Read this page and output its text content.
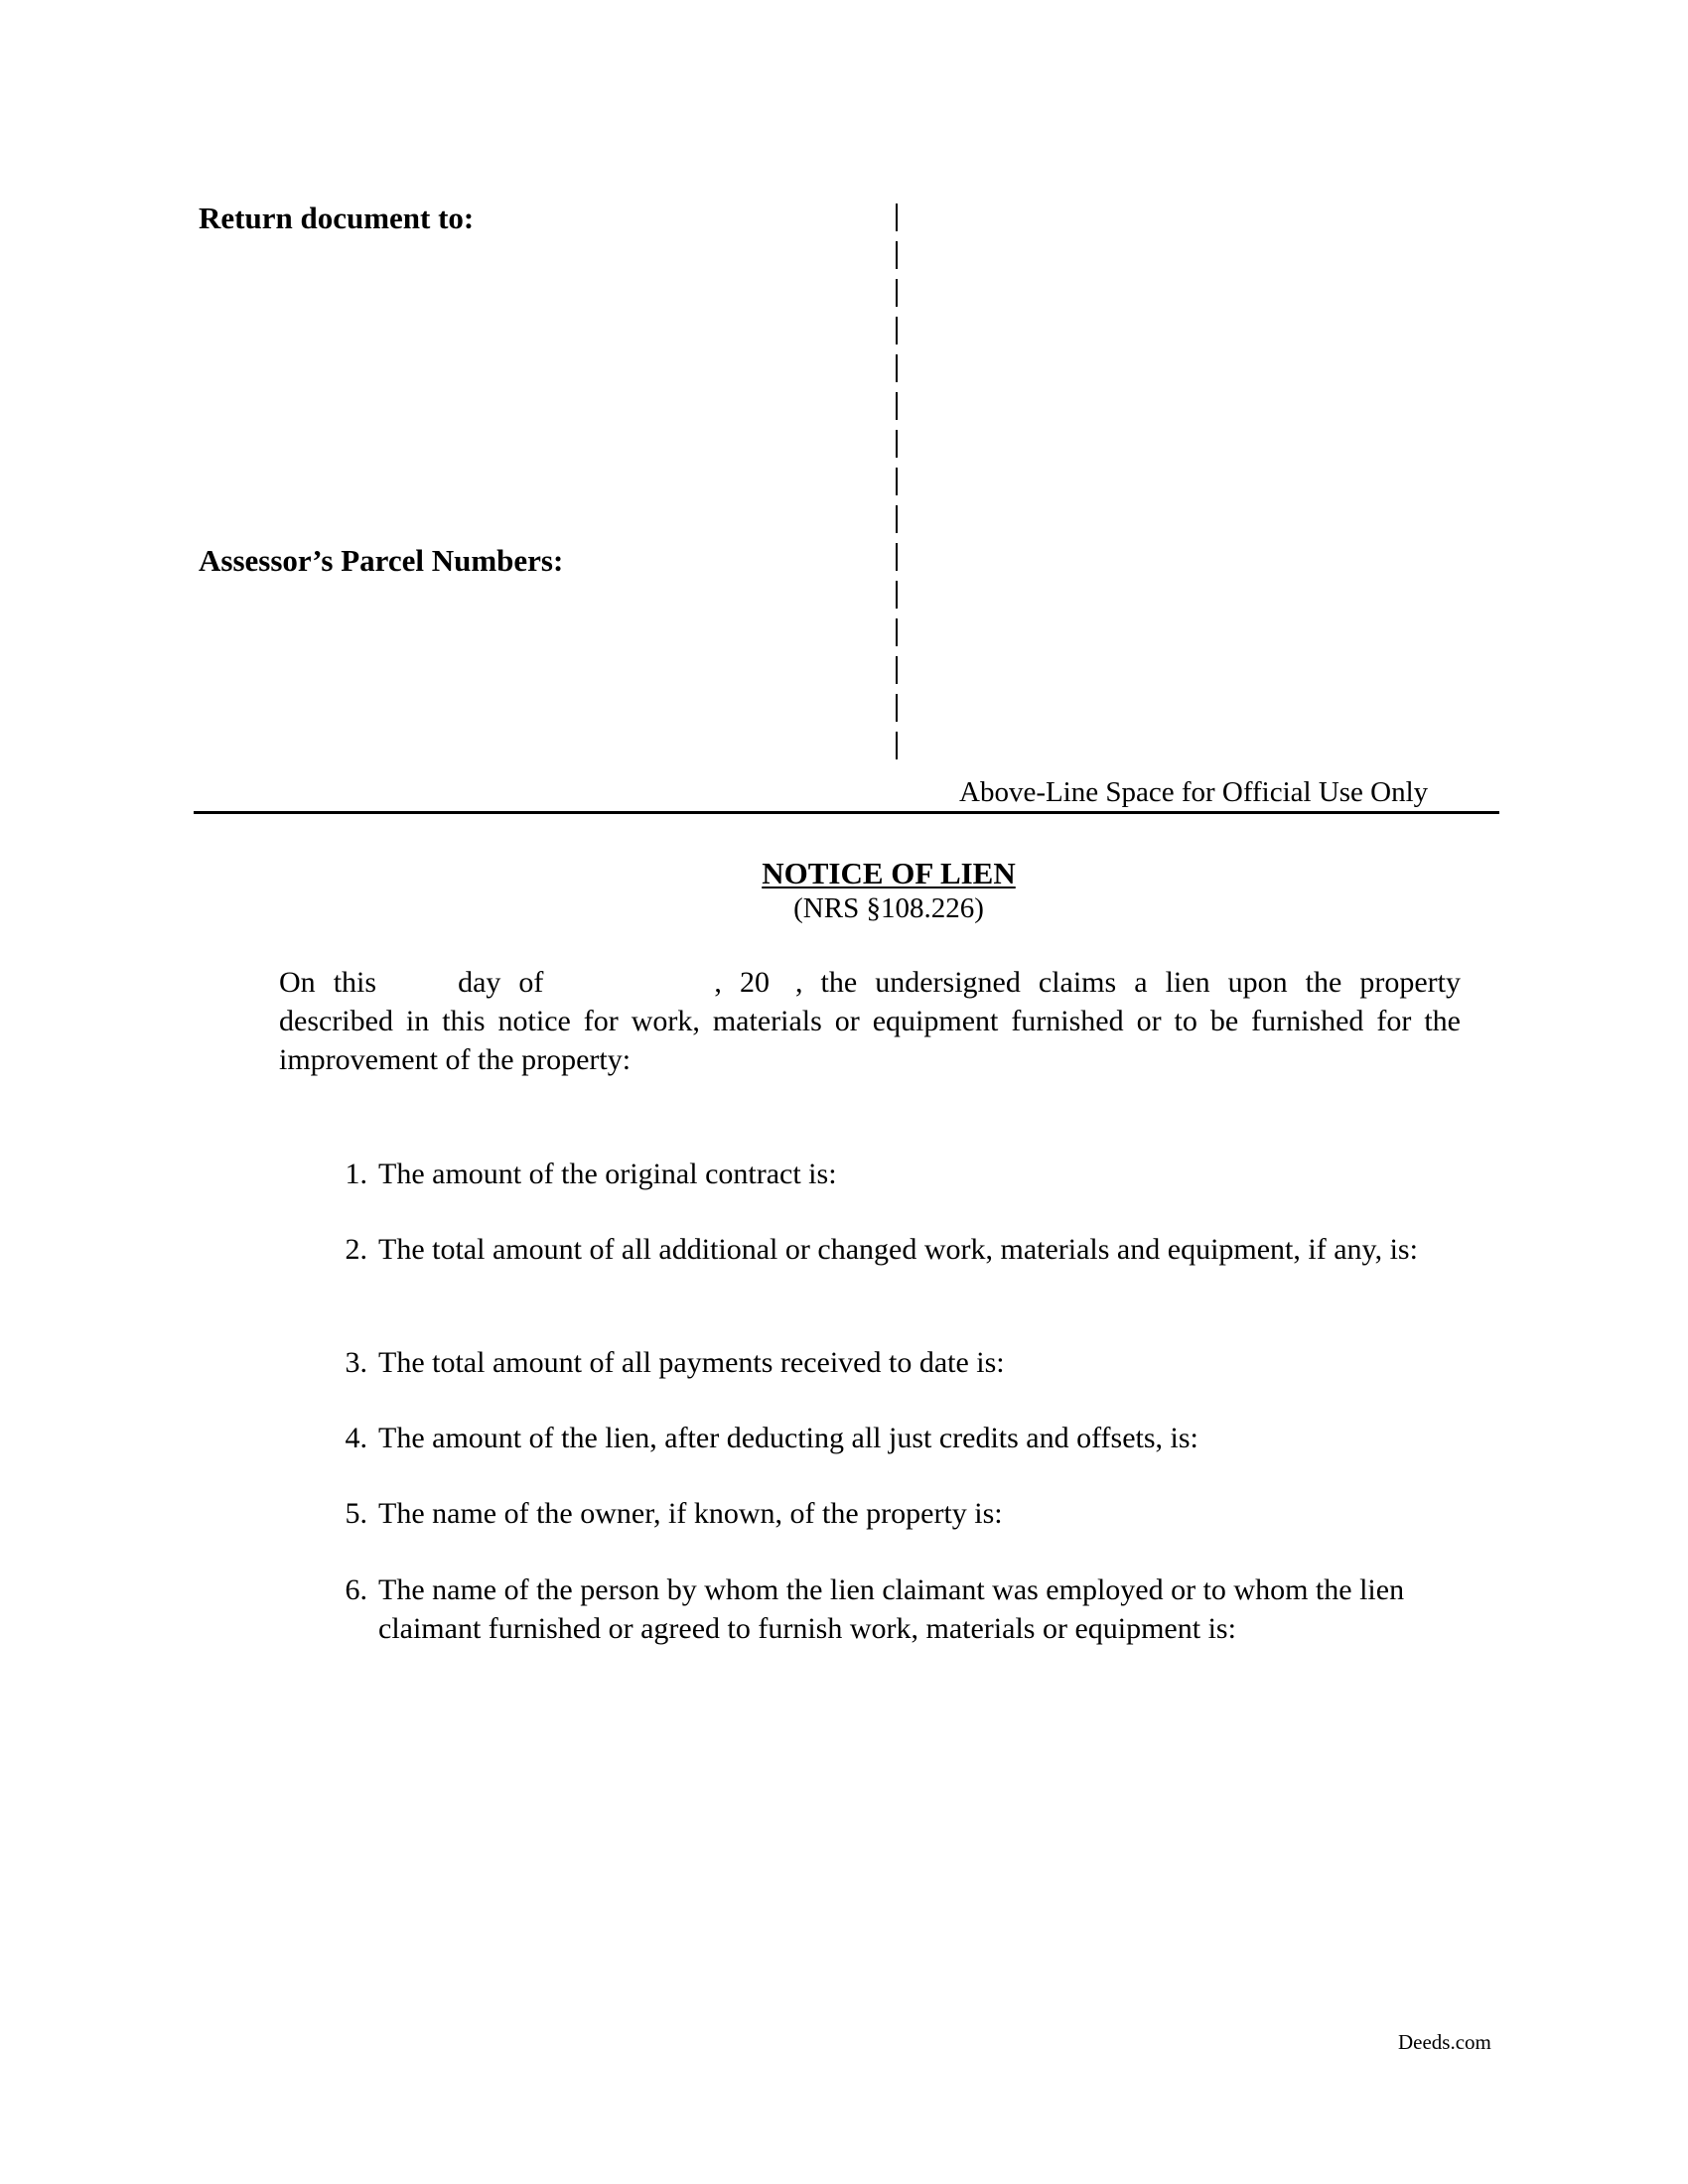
Return document to:
Assessor’s Parcel Numbers:
Above-Line Space for Official Use Only
NOTICE OF LIEN
(NRS §108.226)
On this	day of	, 20 , the undersigned claims a lien upon the property described in this notice for work, materials or equipment furnished or to be furnished for the improvement of the property:
1. The amount of the original contract is:
2. The total amount of all additional or changed work, materials and equipment, if any, is:
3. The total amount of all payments received to date is:
4. The amount of the lien, after deducting all just credits and offsets, is:
5. The name of the owner, if known, of the property is:
6. The name of the person by whom the lien claimant was employed or to whom the lien claimant furnished or agreed to furnish work, materials or equipment is:
Deeds.com
